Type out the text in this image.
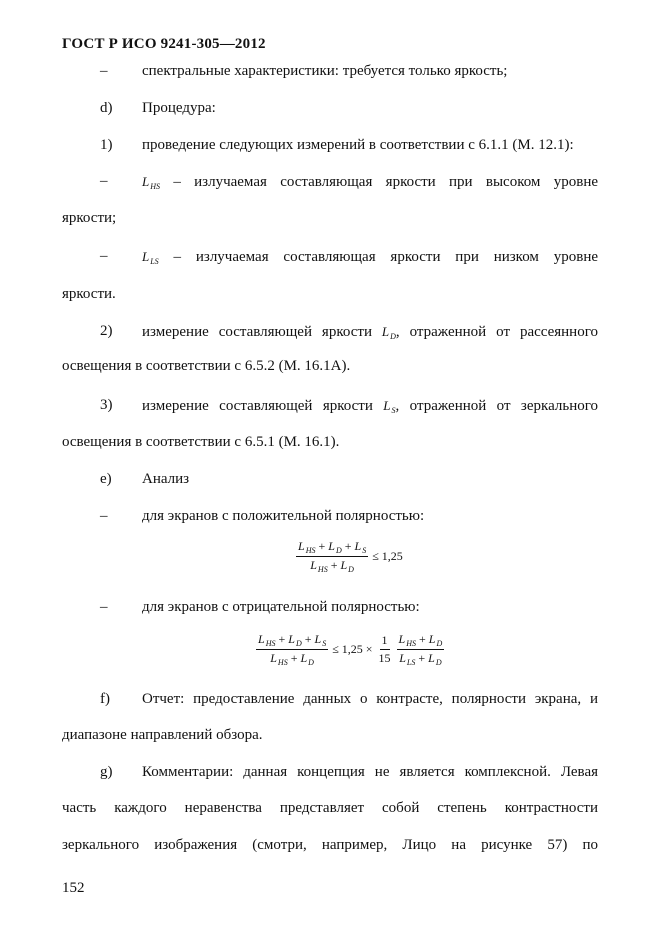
ГОСТ Р ИСО 9241-305—2012
– спектральные характеристики: требуется только яркость;
d) Процедура:
1) проведение следующих измерений в соответствии с 6.1.1 (М. 12.1):
–	$L_{HS}$ – излучаемая составляющая яркости при высоком уровне
яркости;
–	$L_{LS}$ – излучаемая составляющая яркости при низком уровне
яркости.
2) измерение составляющей яркости $L_D$, отраженной от рассеянного
освещения в соответствии с 6.5.2 (М. 16.1А).
3) измерение составляющей яркости $L_S$, отраженной от зеркального
освещения в соответствии с 6.5.1 (М. 16.1).
e) Анализ
– для экранов с положительной полярностью:
$\frac{L_{HS} + L_D + L_S}{L_{HS} + L_D} \le 1,25$
– для экранов с отрицательной полярностью:
$\frac{L_{HS} + L_D + L_S}{L_{HS} + L_D} \le 1,25 \times \frac{1}{15} \frac{L_{HS} + L_D}{L_{LS} + L_D}$
f) Отчет: предоставление данных о контрасте, полярности экрана, и
диапазоне направлений обзора.
g) Комментарии: данная концепция не является комплексной. Левая
часть каждого неравенства представляет собой степень контрастности
зеркального изображения (смотри, например, Лицо на рисунке 57) по
152
